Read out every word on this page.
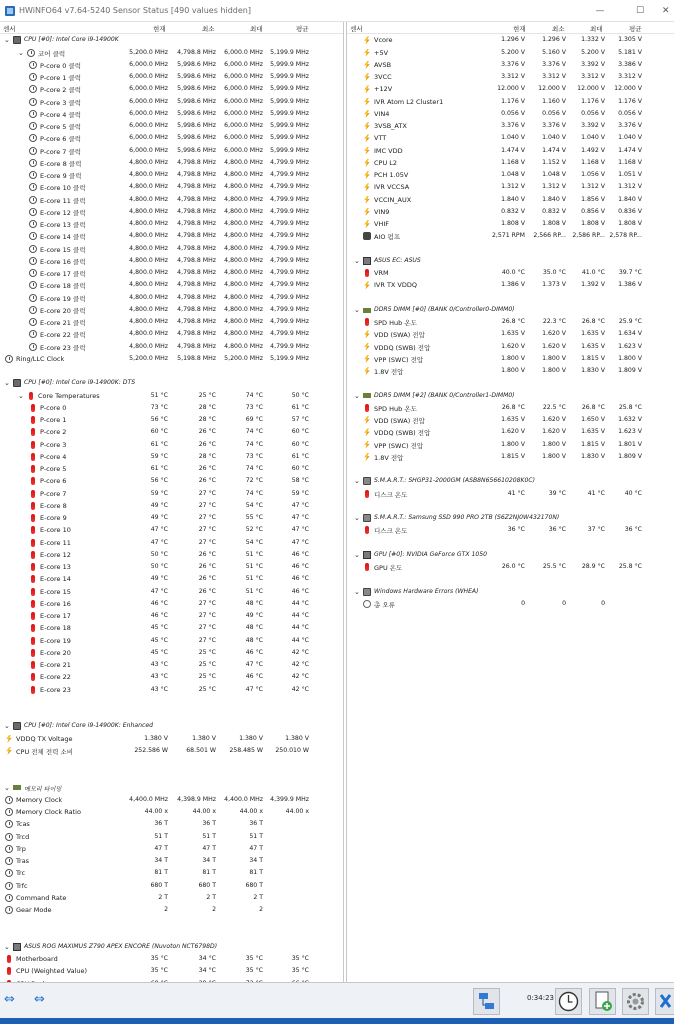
HWiNFO64 v7.64-5240 Sensor Status [490 values hidden]	—	☐	✕
센서	현재	최소	최대	평균
⌄	CPU [#0]: Intel Core i9-14900K
⌄	코어 클럭	5,200.0 MHz	4,798.8 MHz	6,000.0 MHz	5,199.9 MHz
P-core 0 클럭	6,000.0 MHz	5,998.6 MHz	6,000.0 MHz	5,999.9 MHz
P-core 1 클럭	6,000.0 MHz	5,998.6 MHz	6,000.0 MHz	5,999.9 MHz
P-core 2 클럭	6,000.0 MHz	5,998.6 MHz	6,000.0 MHz	5,999.9 MHz
P-core 3 클럭	6,000.0 MHz	5,998.6 MHz	6,000.0 MHz	5,999.9 MHz
P-core 4 클럭	6,000.0 MHz	5,998.6 MHz	6,000.0 MHz	5,999.9 MHz
P-core 5 클럭	6,000.0 MHz	5,998.6 MHz	6,000.0 MHz	5,999.9 MHz
P-core 6 클럭	6,000.0 MHz	5,998.6 MHz	6,000.0 MHz	5,999.9 MHz
P-core 7 클럭	6,000.0 MHz	5,998.6 MHz	6,000.0 MHz	5,999.9 MHz
E-core 8 클럭	4,800.0 MHz	4,798.8 MHz	4,800.0 MHz	4,799.9 MHz
E-core 9 클럭	4,800.0 MHz	4,798.8 MHz	4,800.0 MHz	4,799.9 MHz
E-core 10 클럭	4,800.0 MHz	4,798.8 MHz	4,800.0 MHz	4,799.9 MHz
E-core 11 클럭	4,800.0 MHz	4,798.8 MHz	4,800.0 MHz	4,799.9 MHz
E-core 12 클럭	4,800.0 MHz	4,798.8 MHz	4,800.0 MHz	4,799.9 MHz
E-core 13 클럭	4,800.0 MHz	4,798.8 MHz	4,800.0 MHz	4,799.9 MHz
E-core 14 클럭	4,800.0 MHz	4,798.8 MHz	4,800.0 MHz	4,799.9 MHz
E-core 15 클럭	4,800.0 MHz	4,798.8 MHz	4,800.0 MHz	4,799.9 MHz
E-core 16 클럭	4,800.0 MHz	4,798.8 MHz	4,800.0 MHz	4,799.9 MHz
E-core 17 클럭	4,800.0 MHz	4,798.8 MHz	4,800.0 MHz	4,799.9 MHz
E-core 18 클럭	4,800.0 MHz	4,798.8 MHz	4,800.0 MHz	4,799.9 MHz
E-core 19 클럭	4,800.0 MHz	4,798.8 MHz	4,800.0 MHz	4,799.9 MHz
E-core 20 클럭	4,800.0 MHz	4,798.8 MHz	4,800.0 MHz	4,799.9 MHz
E-core 21 클럭	4,800.0 MHz	4,798.8 MHz	4,800.0 MHz	4,799.9 MHz
E-core 22 클럭	4,800.0 MHz	4,798.8 MHz	4,800.0 MHz	4,799.9 MHz
E-core 23 클럭	4,800.0 MHz	4,798.8 MHz	4,800.0 MHz	4,799.9 MHz
Ring/LLC Clock	5,200.0 MHz	5,198.8 MHz	5,200.0 MHz	5,199.9 MHz
⌄	CPU [#0]: Intel Core i9-14900K: DTS
⌄	Core Temperatures	51 °C	25 °C	74 °C	50 °C
P-core 0	73 °C	28 °C	73 °C	61 °C
P-core 1	56 °C	28 °C	69 °C	57 °C
P-core 2	60 °C	26 °C	74 °C	60 °C
P-core 3	61 °C	26 °C	74 °C	60 °C
P-core 4	59 °C	28 °C	73 °C	61 °C
P-core 5	61 °C	26 °C	74 °C	60 °C
P-core 6	56 °C	26 °C	72 °C	58 °C
P-core 7	59 °C	27 °C	74 °C	59 °C
E-core 8	49 °C	27 °C	54 °C	47 °C
E-core 9	49 °C	27 °C	55 °C	47 °C
E-core 10	47 °C	27 °C	52 °C	47 °C
E-core 11	47 °C	27 °C	54 °C	47 °C
E-core 12	50 °C	26 °C	51 °C	46 °C
E-core 13	50 °C	26 °C	51 °C	46 °C
E-core 14	49 °C	26 °C	51 °C	46 °C
E-core 15	47 °C	26 °C	51 °C	46 °C
E-core 16	46 °C	27 °C	48 °C	44 °C
E-core 17	46 °C	27 °C	49 °C	44 °C
E-core 18	45 °C	27 °C	48 °C	44 °C
E-core 19	45 °C	27 °C	48 °C	44 °C
E-core 20	45 °C	25 °C	46 °C	42 °C
E-core 21	43 °C	25 °C	47 °C	42 °C
E-core 22	43 °C	25 °C	46 °C	42 °C
E-core 23	43 °C	25 °C	47 °C	42 °C
⌄	CPU [#0]: Intel Core i9-14900K: Enhanced
VDDQ TX Voltage	1.380 V	1.380 V	1.380 V	1.380 V
CPU 전체 전력 소비	252.586 W	68.501 W	258.485 W	250.010 W
⌄	메모리 타이밍
Memory Clock	4,400.0 MHz	4,398.9 MHz	4,400.0 MHz	4,399.9 MHz
Memory Clock Ratio	44.00 x	44.00 x	44.00 x	44.00 x
Tcas	36 T	36 T	36 T
Trcd	51 T	51 T	51 T
Trp	47 T	47 T	47 T
Tras	34 T	34 T	34 T
Trc	81 T	81 T	81 T
Trfc	680 T	680 T	680 T
Command Rate	2 T	2 T	2 T
Gear Mode	2	2	2
⌄	ASUS ROG MAXIMUS Z790 APEX ENCORE (Nuvoton NCT6798D)
Motherboard	35 °C	34 °C	35 °C	35 °C
CPU (Weighted Value)	35 °C	34 °C	35 °C	35 °C
센서	현재	최소	최대	평균
Vcore	1.296 V	1.296 V	1.332 V	1.305 V
+5V	5.200 V	5.160 V	5.200 V	5.181 V
AVSB	3.376 V	3.376 V	3.392 V	3.386 V
3VCC	3.312 V	3.312 V	3.312 V	3.312 V
+12V	12.000 V	12.000 V	12.000 V	12.000 V
IVR Atom L2 Cluster1	1.176 V	1.160 V	1.176 V	1.176 V
VIN4	0.056 V	0.056 V	0.056 V	0.056 V
3VSB_ATX	3.376 V	3.376 V	3.392 V	3.376 V
VTT	1.040 V	1.040 V	1.040 V	1.040 V
IMC VDD	1.474 V	1.474 V	1.492 V	1.474 V
CPU L2	1.168 V	1.152 V	1.168 V	1.168 V
PCH 1.05V	1.048 V	1.048 V	1.056 V	1.051 V
IVR VCCSA	1.312 V	1.312 V	1.312 V	1.312 V
VCCIN_AUX	1.840 V	1.840 V	1.856 V	1.840 V
VIN9	0.832 V	0.832 V	0.856 V	0.836 V
VHIF	1.808 V	1.808 V	1.808 V	1.808 V
AIO 펌프	2,571 RPM	2,566 RP...	2,586 RP... 2,578 RP...
⌄	ASUS EC: ASUS
VRM	40.0 °C	35.0 °C	41.0 °C	39.7 °C
IVR TX VDDQ	1.386 V	1.373 V	1.392 V	1.386 V
⌄	DDR5 DIMM [#0] (BANK 0/Controller0-DIMM0)
SPD Hub 온도	26.8 °C	22.3 °C	26.8 °C	25.9 °C
VDD (SWA) 전압	1.635 V	1.620 V	1.635 V	1.634 V
VDDQ (SWB) 전압	1.620 V	1.620 V	1.635 V	1.623 V
VPP (SWC) 전압	1.800 V	1.800 V	1.815 V	1.800 V
1.8V 전압	1.800 V	1.800 V	1.830 V	1.809 V
⌄	DDR5 DIMM [#2] (BANK 0/Controller1-DIMM0)
SPD Hub 온도	26.8 °C	22.5 °C	26.8 °C	25.8 °C
VDD (SWA) 전압	1.635 V	1.620 V	1.650 V	1.632 V
VDDQ (SWB) 전압	1.620 V	1.620 V	1.635 V	1.623 V
VPP (SWC) 전압	1.800 V	1.800 V	1.815 V	1.801 V
1.8V 전압	1.815 V	1.800 V	1.830 V	1.809 V
⌄	S.M.A.R.T.: SHGP31-2000GM (ASB8N656610208K0C)
디스크 온도	41 °C	39 °C	41 °C	40 °C
⌄	S.M.A.R.T.: Samsung SSD 990 PRO 2TB (S6Z2NJ0W432170N)
디스크 온도	36 °C	36 °C	37 °C	36 °C
⌄	GPU [#0]: NVIDIA GeForce GTX 1050
GPU 온도	26.0 °C	25.5 °C	28.9 °C	25.8 °C
⌄	Windows Hardware Errors (WHEA)
총 오류	0	0	0
⇔ ⇔	0:34:23
